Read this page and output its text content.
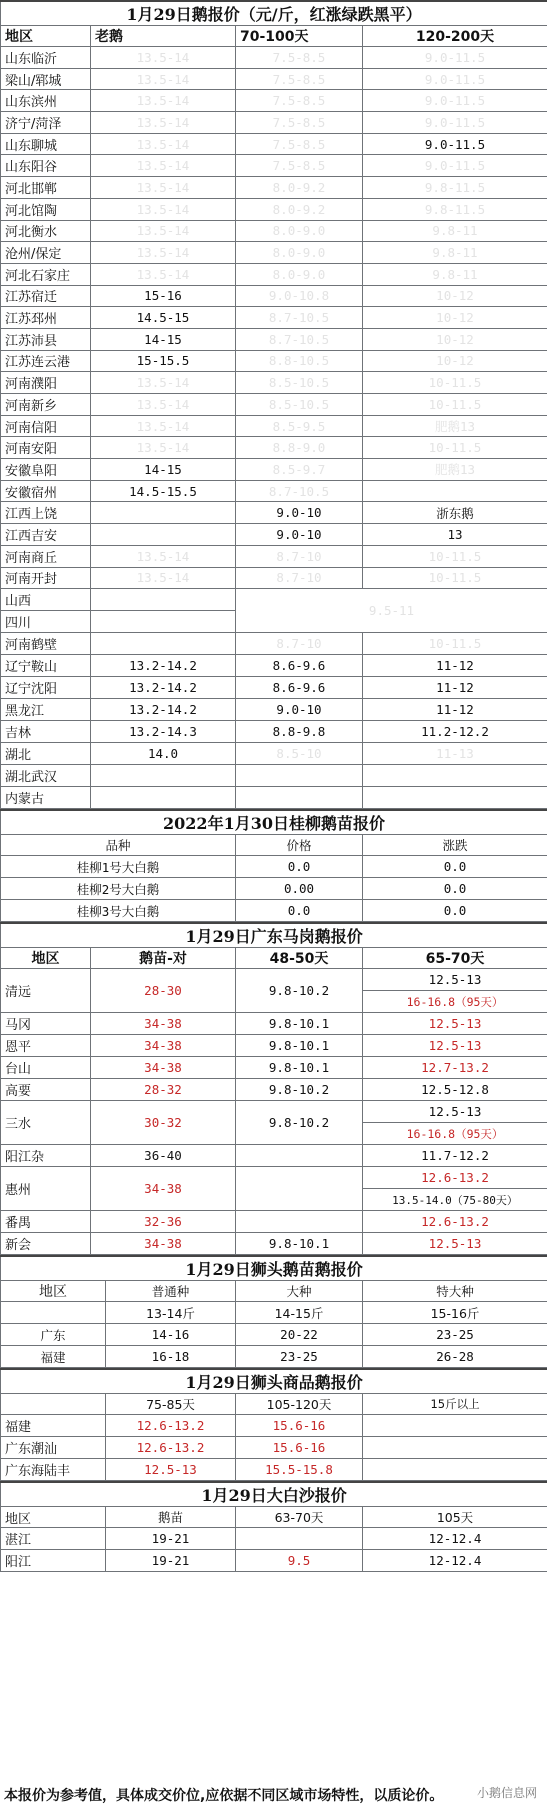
1月29日鹅报价（元/斤，红涨绿跌黑平）			
地区	老鹅	70-100天	120-200天
山东临沂	13.5-14	7.5-8.5	9.0-11.5
梁山/郓城	13.5-14	7.5-8.5	9.0-11.5
山东滨州	13.5-14	7.5-8.5	9.0-11.5
济宁/菏泽	13.5-14	7.5-8.5	9.0-11.5
山东聊城	13.5-14	7.5-8.5	9.0-11.5
山东阳谷	13.5-14	7.5-8.5	9.0-11.5
河北邯郸	13.5-14	8.0-9.2	9.8-11.5
河北馆陶	13.5-14	8.0-9.2	9.8-11.5
河北衡水	13.5-14	8.0-9.0	9.8-11
沧州/保定	13.5-14	8.0-9.0	9.8-11
河北石家庄	13.5-14	8.0-9.0	9.8-11
江苏宿迁	15-16	9.0-10.8	10-12
江苏邳州	14.5-15	8.7-10.5	10-12
江苏沛县	14-15	8.7-10.5	10-12
江苏连云港	15-15.5	8.8-10.5	10-12
河南濮阳	13.5-14	8.5-10.5	10-11.5
河南新乡	13.5-14	8.5-10.5	10-11.5
河南信阳	13.5-14	8.5-9.5	肥鹅13
河南安阳	13.5-14	8.8-9.0	10-11.5
安徽阜阳	14-15	8.5-9.7	肥鹅13
安徽宿州	14.5-15.5	8.7-10.5	
江西上饶		9.0-10	浙东鹅
江西吉安		9.0-10	13
河南商丘	13.5-14	8.7-10	10-11.5
河南开封	13.5-14	8.7-10	10-11.5
山西		9.5-11	
四川			
河南鹤壁		8.7-10	10-11.5
辽宁鞍山	13.2-14.2	8.6-9.6	11-12
辽宁沈阳	13.2-14.2	8.6-9.6	11-12
黑龙江	13.2-14.2	9.0-10	11-12
吉林	13.2-14.3	8.8-9.8	11.2-12.2
湖北	14.0	8.5-10	11-13
湖北武汉			
内蒙古			
2022年1月30日桂柳鹅苗报价		
品种	价格	涨跌
桂柳1号大白鹅	0.0	0.0
桂柳2号大白鹅	0.00	0.0
桂柳3号大白鹅	0.0	0.0
1月29日广东马岗鹅报价			
地区	鹅苗-对	48-50天	65-70天
清远	28-30	9.8-10.2	12.5-13
			16-16.8（95天）
马冈	34-38	9.8-10.1	12.5-13
恩平	34-38	9.8-10.1	12.5-13
台山	34-38	9.8-10.1	12.7-13.2
高要	28-32	9.8-10.2	12.5-12.8
三水	30-32	9.8-10.2	12.5-13
			16-16.8（95天）
阳江杂	36-40		11.7-12.2
惠州	34-38		12.6-13.2
			13.5-14.0（75-80天）
番禺	32-36		12.6-13.2
新会	34-38	9.8-10.1	12.5-13
1月29日狮头鹅苗鹅报价			
地区	普通种	大种	特大种
	13-14斤	14-15斤	15-16斤
广东	14-16	20-22	23-25
福建	16-18	23-25	26-28
1月29日狮头商品鹅报价			
	75-85天	105-120天	15斤以上
福建	12.6-13.2	15.6-16	
广东潮汕	12.6-13.2	15.6-16	
广东海陆丰	12.5-13	15.5-15.8	
1月29日大白沙报价			
地区	鹅苗	63-70天	105天
湛江	19-21		12-12.4
阳江	19-21	9.5	12-12.4
本报价为参考值，具体成交价位,应依据不同区域市场特性，以质论价。	小鹅信息网
